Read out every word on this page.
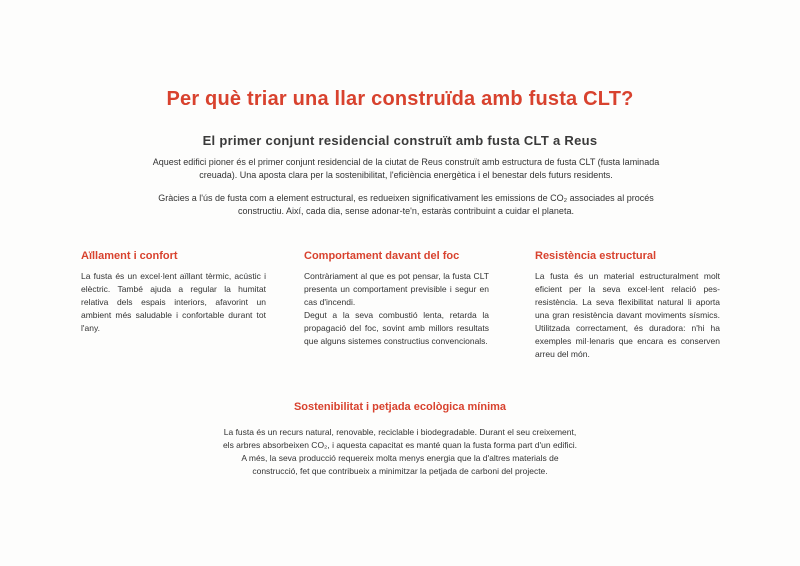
Per què triar una llar construïda amb fusta CLT?
El primer conjunt residencial construït amb fusta CLT a Reus

Aquest edifici pioner és el primer conjunt residencial de la ciutat de Reus construït amb estructura de fusta CLT (fusta laminada creuada). Una aposta clara per la sostenibilitat, l'eficiència energètica i el benestar dels futurs residents.

Gràcies a l'ús de fusta com a element estructural, es redueixen significativament les emissions de CO₂ associades al procés constructiu. Així, cada dia, sense adonar-te'n, estaràs contribuint a cuidar el planeta.

Aïllament i confort

La fusta és un excel·lent aïllant tèrmic, acústic i elèctric. També ajuda a regular la humitat relativa dels espais interiors, afavorint un ambient més saludable i confortable durant tot l'any.

Comportament davant del foc

Contràriament al que es pot pensar, la fusta CLT presenta un comportament previsible i segur en cas d'incendi.

Degut a la seva combustió lenta, retarda la propagació del foc, sovint amb millors resultats que alguns sistemes constructius convencionals.

Resistència estructural

La fusta és un material estructuralment molt eficient per la seva excel·lent relació pes-resistència. La seva flexibilitat natural li aporta una gran resistència davant moviments sísmics. Utilitzada correctament, és duradora: n'hi ha exemples mil·lenaris que encara es conserven arreu del món.

Sostenibilitat i petjada ecològica mínima
La fusta és un recurs natural, renovable, reciclable i biodegradable. Durant el seu creixement,
els arbres absorbeixen CO₂, i aquesta capacitat es manté quan la fusta forma part d'un edifici.
A més, la seva producció requereix molta menys energia que la d'altres materials de
construcció, fet que contribueix a minimitzar la petjada de carboni del projecte.
